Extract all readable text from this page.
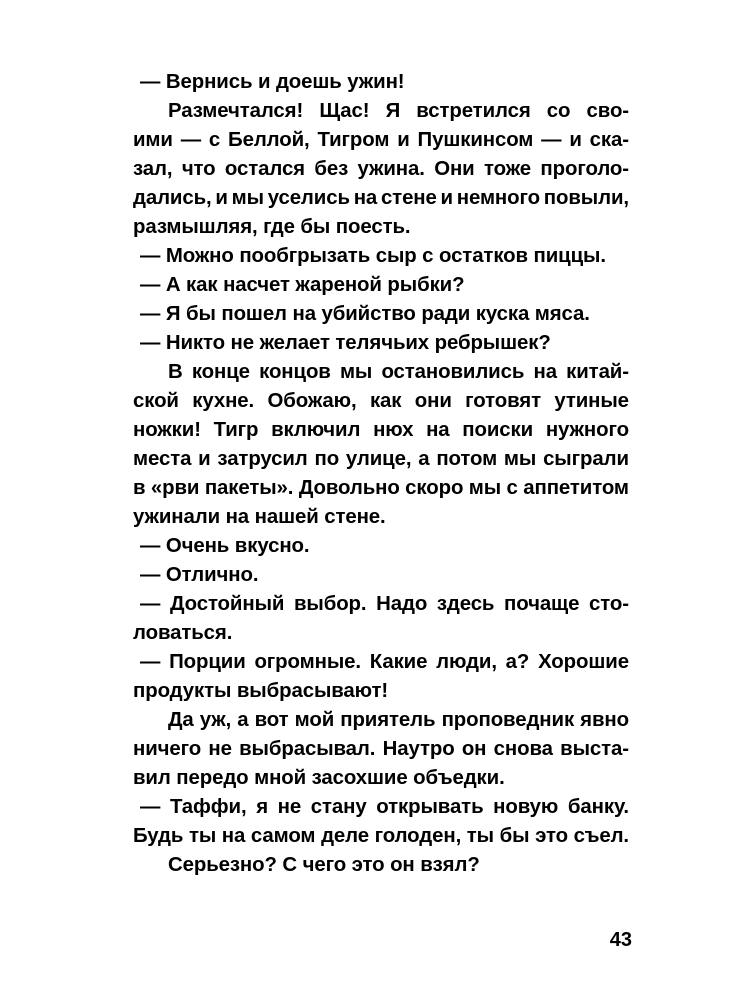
— Вернись и доешь ужин!
Размечтался! Щас! Я встретился со сво-
ими — с Беллой, Тигром и Пушкинсом — и ска-
зал, что остался без ужина. Они тоже проголо-
дались, и мы уселись на стене и немного повыли,
размышляя, где бы поесть.
— Можно пообгрызать сыр с остатков пиццы.
— А как насчет жареной рыбки?
— Я бы пошел на убийство ради куска мяса.
— Никто не желает телячьих ребрышек?
В конце концов мы остановились на китай-
ской кухне. Обожаю, как они готовят утиные
ножки! Тигр включил нюх на поиски нужного
места и затрусил по улице, а потом мы сыграли
в «рви пакеты». Довольно скоро мы с аппетитом
ужинали на нашей стене.
— Очень вкусно.
— Отлично.
— Достойный выбор. Надо здесь почаще сто-
ловаться.
— Порции огромные. Какие люди, а? Хорошие
продукты выбрасывают!
Да уж, а вот мой приятель проповедник явно
ничего не выбрасывал. Наутро он снова выста-
вил передо мной засохшие объедки.
— Таффи, я не стану открывать новую банку.
Будь ты на самом деле голоден, ты бы это съел.
Серьезно? С чего это он взял?
43
